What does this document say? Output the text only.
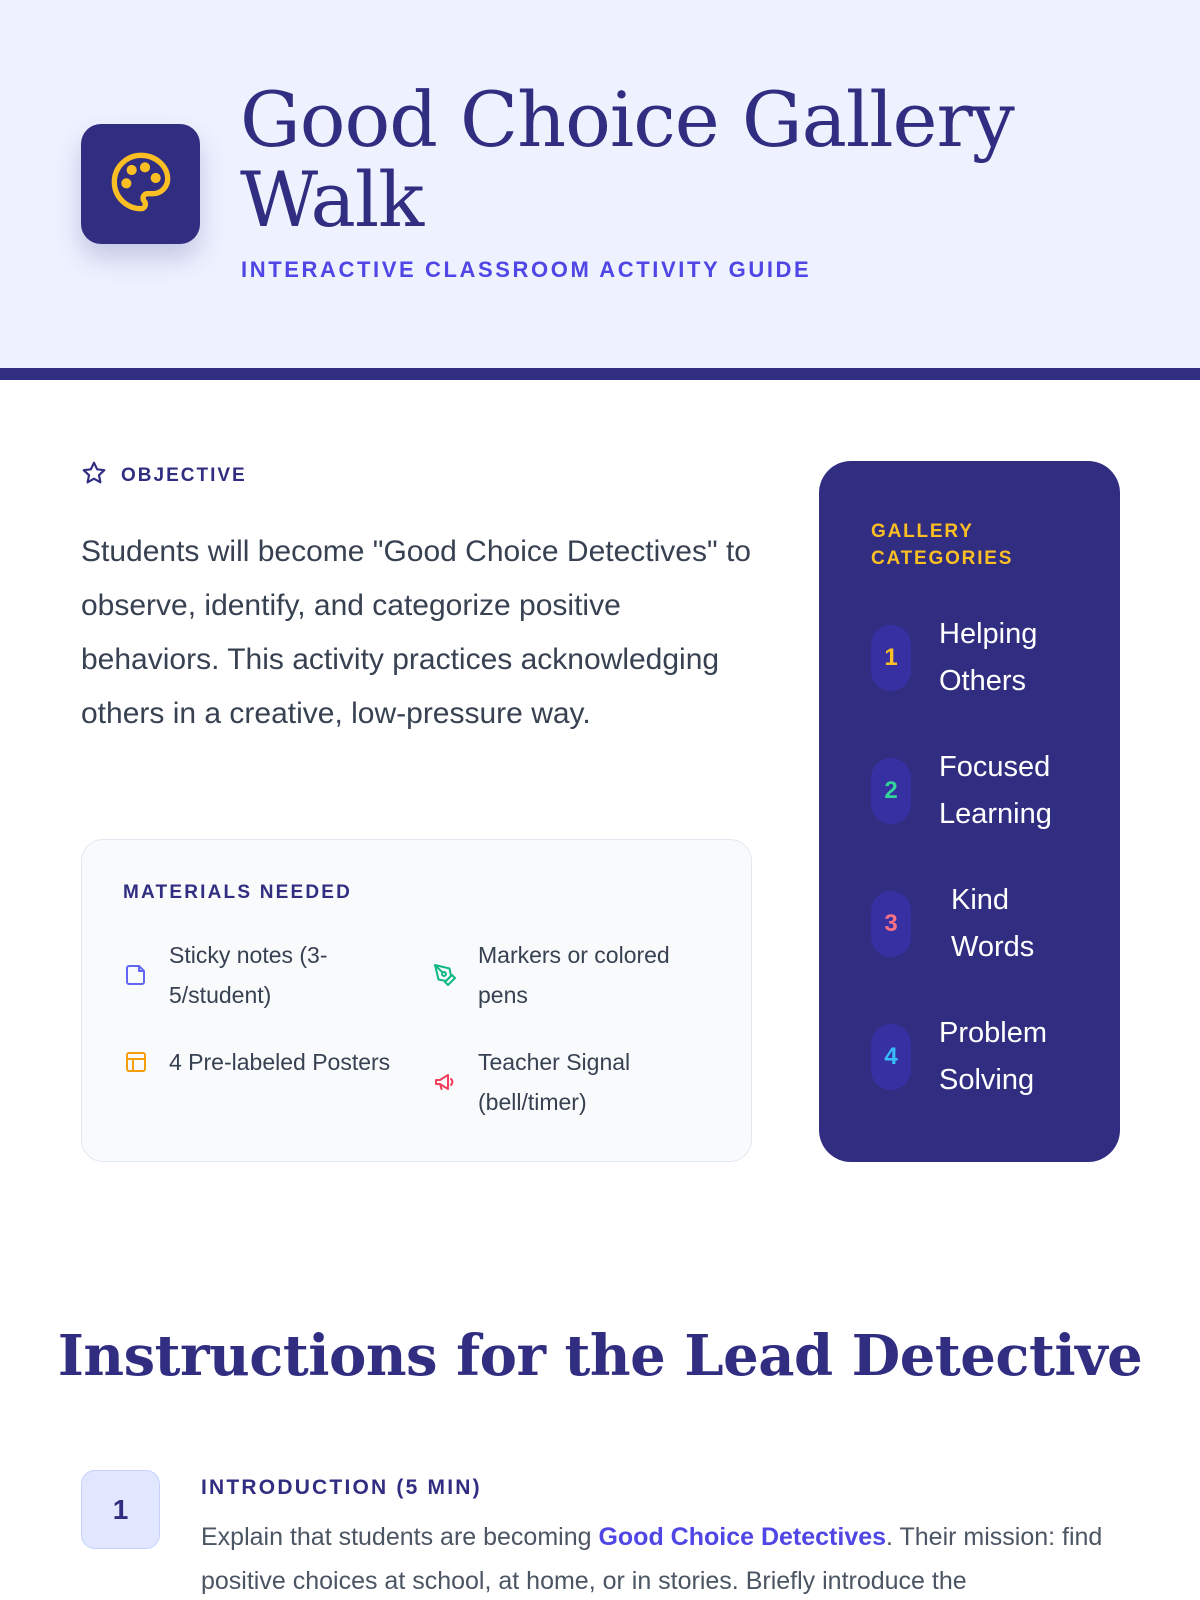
Good Choice Gallery Walk
INTERACTIVE CLASSROOM ACTIVITY GUIDE
OBJECTIVE

Students will become "Good Choice Detectives" to observe, identify, and categorize positive behaviors. This activity practices acknowledging others in a creative, low-pressure way.

MATERIALS NEEDED
Sticky notes (3-5/student)
Markers or colored pens
4 Pre-labeled Posters	Teacher Signal (bell/timer)
GALLERY CATEGORIES
1
Helping Others
2
Focused Learning
3
Kind Words
4
Problem Solving
Instructions for the Lead Detective
1
INTRODUCTION (5 MIN)

Explain that students are becoming Good Choice Detectives. Their mission: find positive choices at school, at home, or in stories. Briefly introduce the
